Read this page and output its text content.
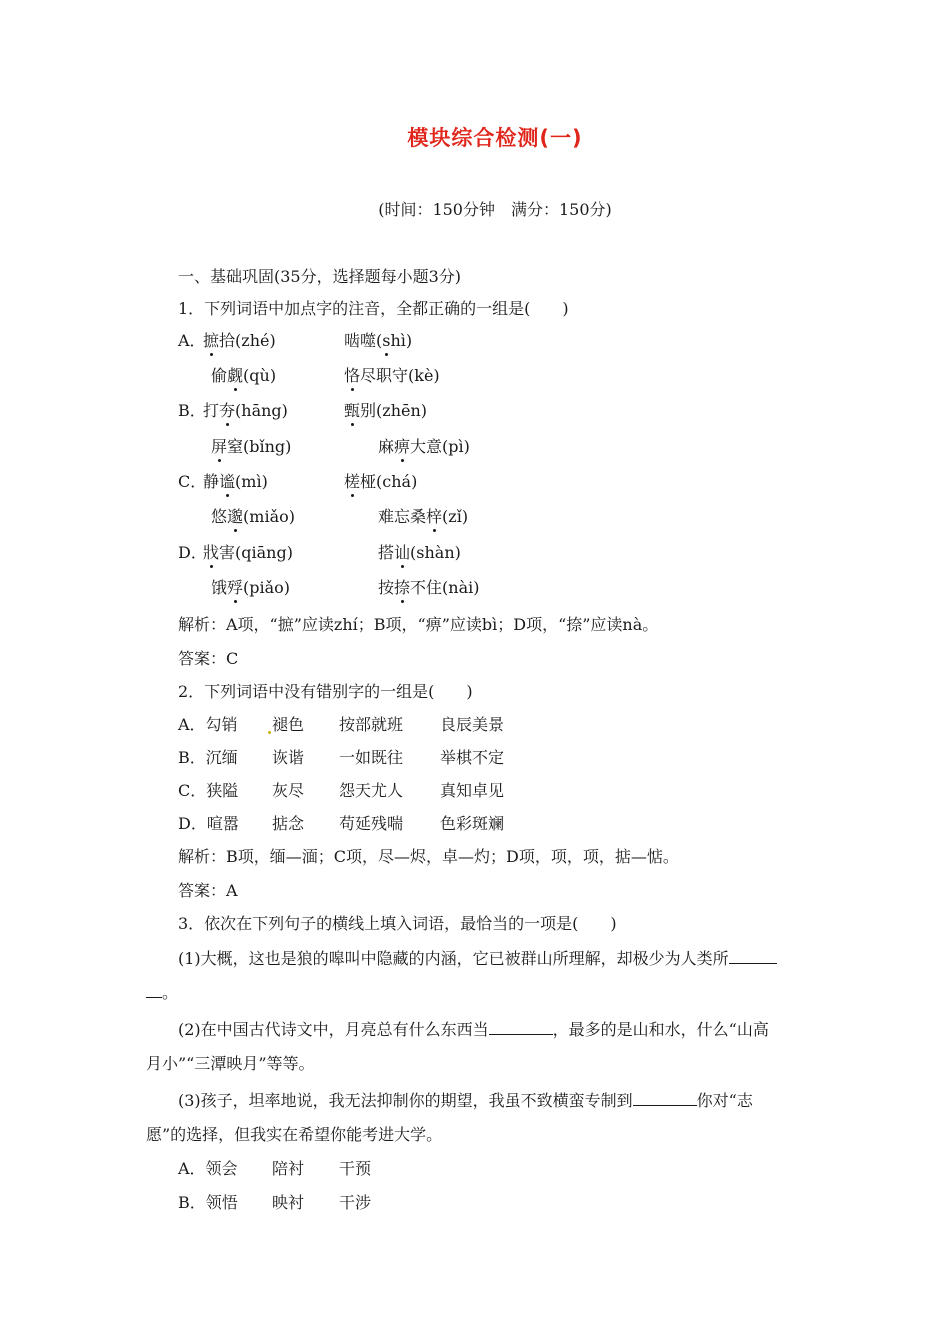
模块综合检测(一)
(时间：150分钟　满分：150分)
一、基础巩固(35分，选择题每小题3分)
1．下列词语中加点字的注音，全都正确的一组是(　　)
A．
摭拾(zhé)	啮噬(shì)
偷觑(qù)	恪尽职守(kè)
B．
打夯(hāng)	甄别(zhēn)
屏窒(bǐng)	麻痹大意(pì)
C．
静谧(mì)	槎桠(chá)
悠邈(miǎo)	难忘桑梓(zǐ)
D．
戕害(qiāng)	搭讪(shàn)
饿殍(piǎo)	按捺不住(nài)
解析：A项，“摭”应读zhí；B项，“痹”应读bì；D项，“捺”应读nà。
答案：C
2．下列词语中没有错别字的一组是(　　)
A．勾销 褪色 按部就班 良辰美景
B．沉缅 诙谐 一如既往 举棋不定
C．狭隘 灰尽 怨天尤人 真知卓见
D．喧嚣 掂念 苟延残喘 色彩斑斓
解析：B项，缅—湎；C项，尽—烬，卓—灼；D项，项，项，掂—惦。
答案：A
3．依次在下列句子的横线上填入词语，最恰当的一项是(　　)
(1)大概，这也是狼的嗥叫中隐藏的内涵，它已被群山所理解，却极少为人类所
。
(2)在中国古代诗文中，月亮总有什么东西当	，最多的是山和水，什么“山高
月小”“三潭映月”等等。
(3)孩子，坦率地说，我无法抑制你的期望，我虽不致横蛮专制到	你对“志
愿”的选择，但我实在希望你能考进大学。
A．领会 陪衬 干预
B．领悟 映衬 干涉
